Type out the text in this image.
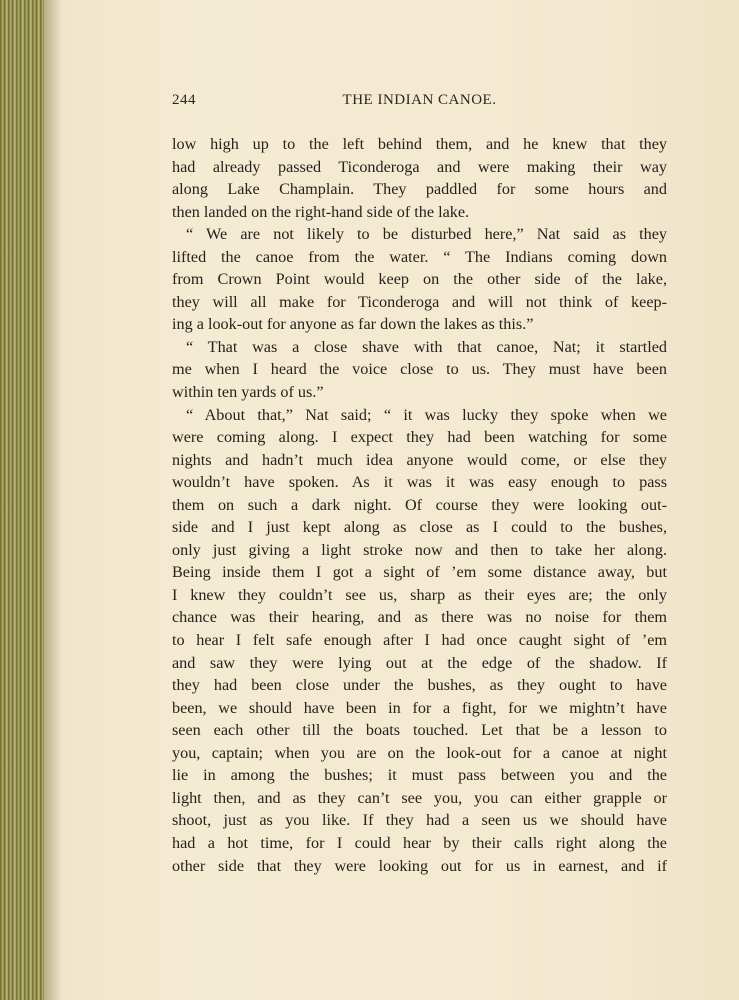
244	THE INDIAN CANOE.
low high up to the left behind them, and he knew that they
had already passed Ticonderoga and were making their way
along Lake Champlain. They paddled for some hours and
then landed on the right-hand side of the lake.
“ We are not likely to be disturbed here,” Nat said as they
lifted the canoe from the water. “ The Indians coming down
from Crown Point would keep on the other side of the lake,
they will all make for Ticonderoga and will not think of keep-
ing a look-out for anyone as far down the lakes as this.”
“ That was a close shave with that canoe, Nat; it startled
me when I heard the voice close to us. They must have been
within ten yards of us.”
“ About that,” Nat said; “ it was lucky they spoke when we
were coming along. I expect they had been watching for some
nights and hadn’t much idea anyone would come, or else they
wouldn’t have spoken. As it was it was easy enough to pass
them on such a dark night. Of course they were looking out-
side and I just kept along as close as I could to the bushes,
only just giving a light stroke now and then to take her along.
Being inside them I got a sight of ’em some distance away, but
I knew they couldn’t see us, sharp as their eyes are; the only
chance was their hearing, and as there was no noise for them
to hear I felt safe enough after I had once caught sight of ’em
and saw they were lying out at the edge of the shadow. If
they had been close under the bushes, as they ought to have
been, we should have been in for a fight, for we mightn’t have
seen each other till the boats touched. Let that be a lesson to
you, captain; when you are on the look-out for a canoe at night
lie in among the bushes; it must pass between you and the
light then, and as they can’t see you, you can either grapple or
shoot, just as you like. If they had a seen us we should have
had a hot time, for I could hear by their calls right along the
other side that they were looking out for us in earnest, and if
